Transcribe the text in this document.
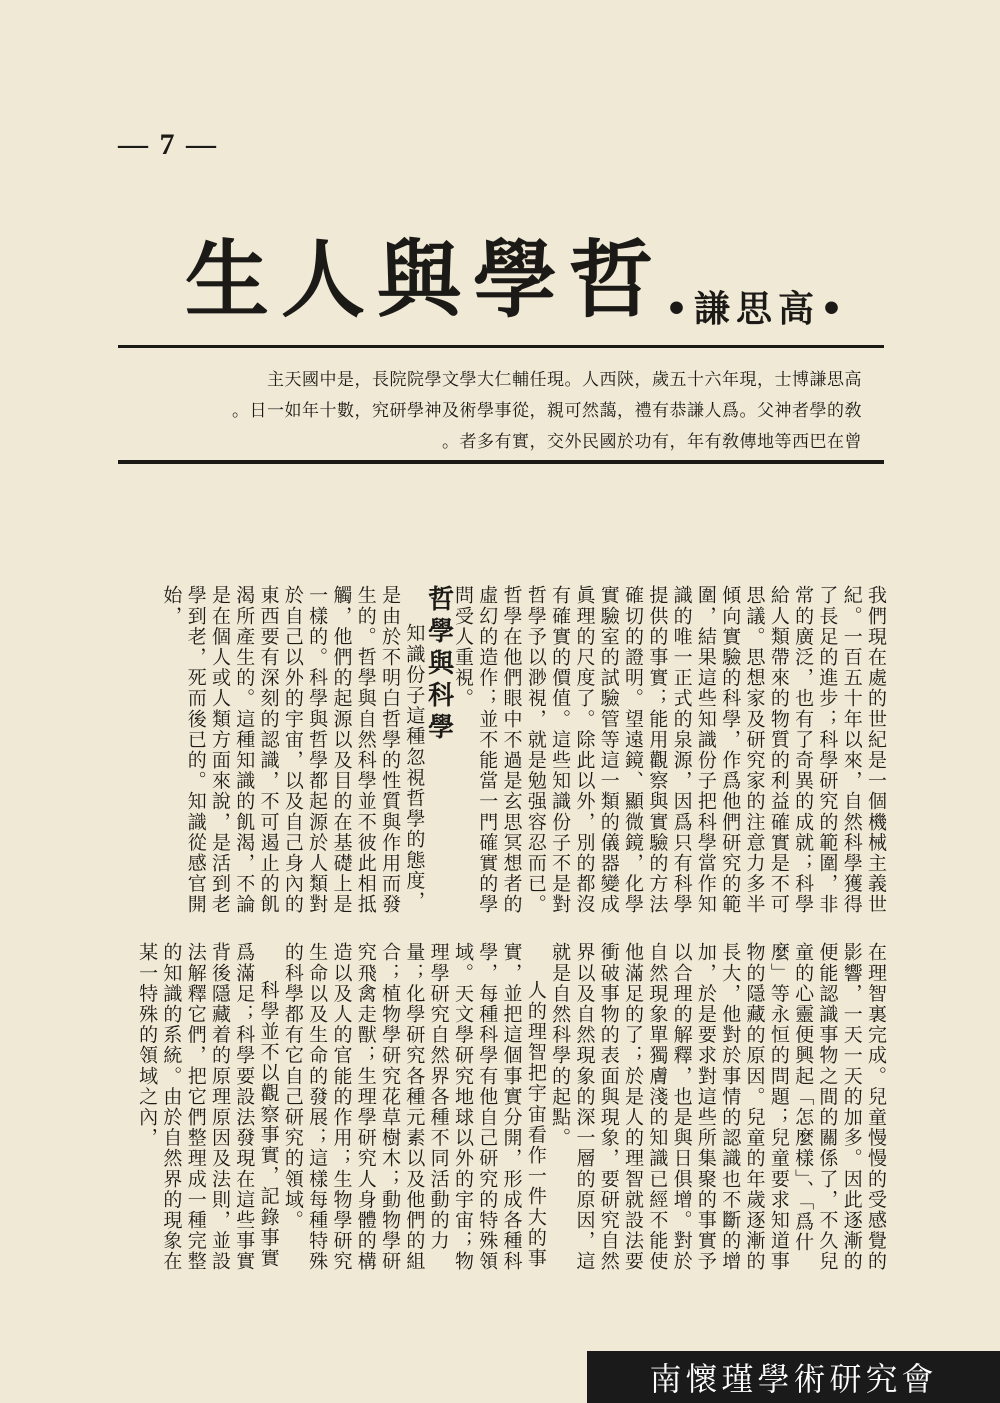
— 7 —
生人與學哲 •謙思高•

主天國中是，長院院學文學大仁輔任現。人西陝，歲五十六年現，士博謙思高

。日一如年十數，究研學神及術學事從，親可然藹，禮有恭謙人爲。父神者學的敎

。者多有實，交外民國於功有，年有敎傳地等西巴在曾

我們現在處的世紀是一個機械主義世紀。一百五十年以來，自然科學獲得了長足的進步；科學研究的範圍，非常的廣泛，也有了奇異的成就；科學給人類帶來的物質的利益確實是不可思議。思想家及研究家的注意力多半傾向實驗的科學，作爲他們研究的範圍，結果這些知識份子把科學當作知識的唯一正式的泉源，因爲只有科學提供的事實；能用觀察與實驗的方法確切的證明。望遠鏡、顯微鏡，化學實驗室的試驗管等這一類的儀器變成眞理的尺度了。除此以外，別的都沒有確實的價值。這些知識份子不是對哲學予以渺視，就是勉强容忍而已。哲學在他們眼中不過是玄思冥想者的虛幻的造作；並不能當一門確實的學問受人重視。

哲學與科學

知識份子這種忽視哲學的態度，是由於不明白哲學的性質與作用而發生的。哲學與自然科學並不彼此相抵觸，他們的起源以及目的在基礎上是一樣的。科學與哲學都起源於人類對於自己以外的宇宙，以及自己身內的東西要有深刻的認識，不可遏止的飢渴所產生的。這種知識的飢渴，不論是在個人或人類方面來說，是活到老學到老，死而後已的。知識從感官開始，

在理智裏完成。兒童慢慢的受感覺的影響，一天一天的加多。因此逐漸的便能認識事物之間的關係了，不久兒童的心靈便興起「怎麼樣」、「爲什麼」等永恒的問題；兒童要求知道事物的隱藏的原因。兒童的年歲逐漸的長大，他對於事情的認識也不斷的增加，於是要求對這些所集聚的事實予以合理的解釋，也是與日俱增。對於自然現象單獨膚淺的知識已經不能使他滿足的了；於是人的理智就設法要衝破事物的表面與現象，要研究自然界以及自然現象的深一層的原因，這就是自然科學的起點。

人的理智把宇宙看作一件大的事實，並把這個事實分開，形成各種科學，每種科學有他自己研究的特殊領域。天文學研究地球以外的宇宙；物理學研究自然界各種不同活動的力量；化學研究各種元素以及他們的組合；植物學研究花草樹木；動物學研究飛禽走獸；生理學研究人身體的構造以及人的官能的作用；生物學研究生命以及生命的發展；這樣每種特殊的科學都有它自己研究的領域。

科學並不以觀察事實，記錄事實爲滿足；科學要設法發現在這些事實背後隱藏着的原理原因及法則，並設法解釋它們，把它們整理成一種完整的知識的系統。由於自然界的現象在某一特殊的領域之內，

南懷瑾學術研究會
